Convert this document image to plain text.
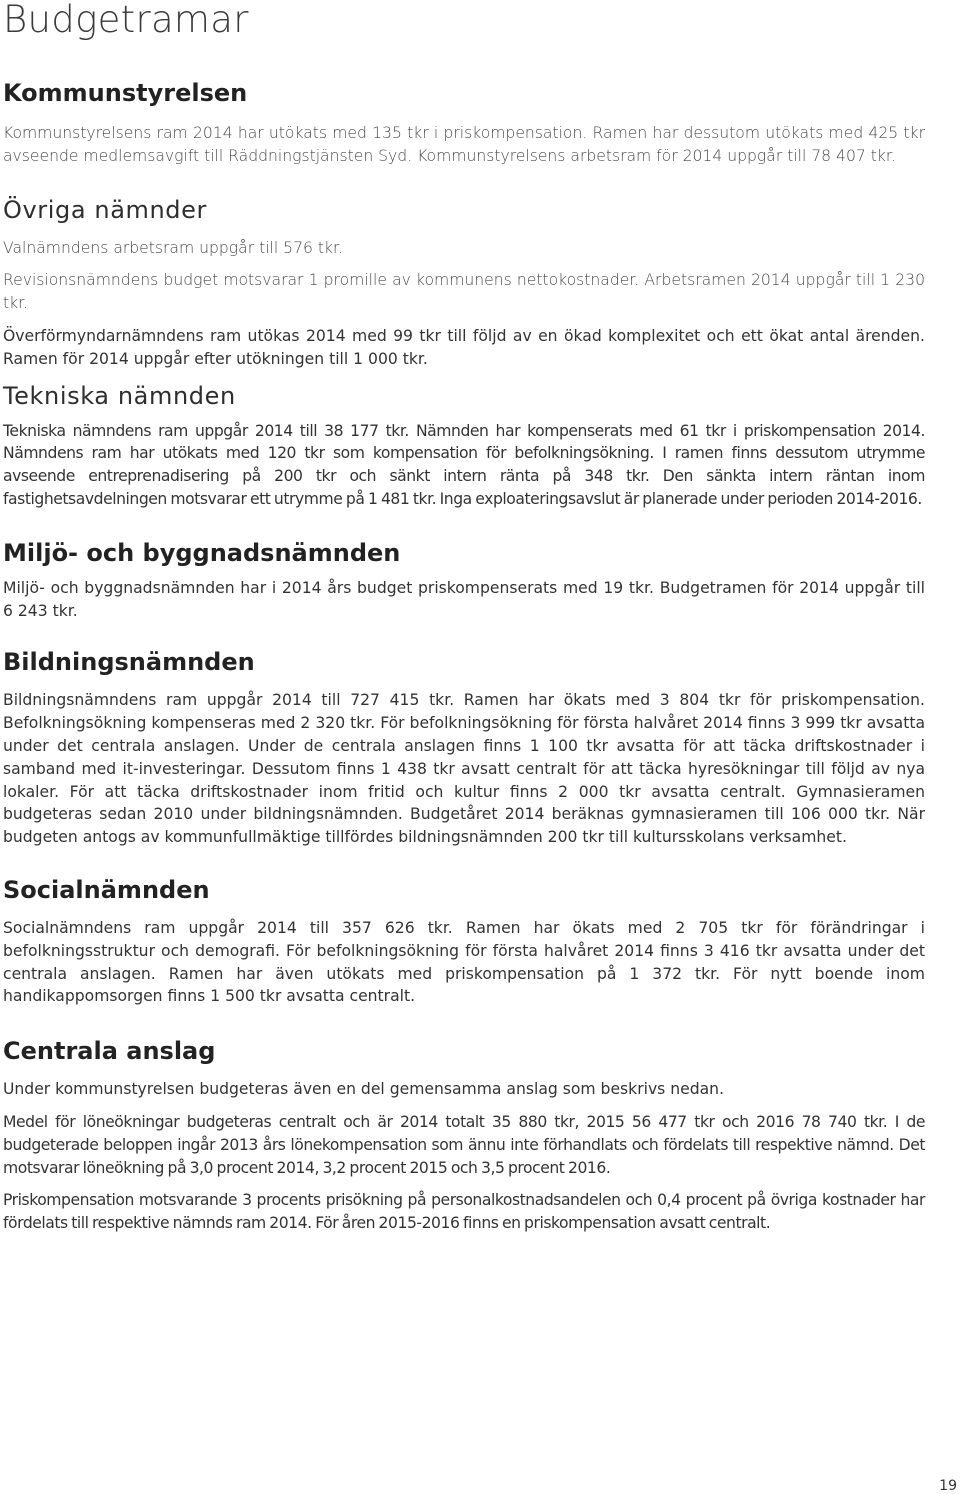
Budgetramar
Kommunstyrelsen

Kommunstyrelsens ram 2014 har utökats med 135 tkr i priskompensation. Ramen har dessutom utökats med 425 tkr avseende medlemsavgift till Räddningstjänsten Syd. Kommunstyrelsens arbetsram för 2014 uppgår till 78 407 tkr.

Övriga nämnder

Valnämndens arbetsram uppgår till 576 tkr.

Revisionsnämndens budget motsvarar 1 promille av kommunens nettokostnader. Arbetsramen 2014 uppgår till 1 230 tkr.

Överförmyndarnämndens ram utökas 2014 med 99 tkr till följd av en ökad komplexitet och ett ökat antal ärenden. Ramen för 2014 uppgår efter utökningen till 1 000 tkr.

Tekniska nämnden

Tekniska nämndens ram uppgår 2014 till 38 177 tkr. Nämnden har kompenserats med 61 tkr i priskompensation 2014. Nämndens ram har utökats med 120 tkr som kompensation för befolkningsökning. I ramen finns dessutom utrymme avseende entreprenadisering på 200 tkr och sänkt intern ränta på 348 tkr. Den sänkta intern räntan inom fastighetsavdelningen motsvarar ett utrymme på 1 481 tkr. Inga exploateringsavslut är planerade under perioden 2014-2016.

Miljö- och byggnadsnämnden

Miljö- och byggnadsnämnden har i 2014 års budget priskompenserats med 19 tkr. Budgetramen för 2014 uppgår till 6 243 tkr.

Bildningsnämnden

Bildningsnämndens ram uppgår 2014 till 727 415 tkr. Ramen har ökats med 3 804 tkr för priskompensation. Befolkningsökning kompenseras med 2 320 tkr. För befolkningsökning för första halvåret 2014 finns 3 999 tkr avsatta under det centrala anslagen. Under de centrala anslagen finns 1 100 tkr avsatta för att täcka driftskostnader i samband med it-investeringar. Dessutom finns 1 438 tkr avsatt centralt för att täcka hyresökningar till följd av nya lokaler. För att täcka driftskostnader inom fritid och kultur finns 2 000 tkr avsatta centralt. Gymnasieramen budgeteras sedan 2010 under bildningsnämnden. Budgetåret 2014 beräknas gymnasieramen till 106 000 tkr. När budgeten antogs av kommunfullmäktige tillfördes bildningsnämnden 200 tkr till kultursskolans verksamhet.

Socialnämnden

Socialnämndens ram uppgår 2014 till 357 626 tkr. Ramen har ökats med 2 705 tkr för förändringar i befolkningsstruktur och demografi. För befolkningsökning för första halvåret 2014 finns 3 416 tkr avsatta under det centrala anslagen. Ramen har även utökats med priskompensation på 1 372 tkr. För nytt boende inom handikappomsorgen finns 1 500 tkr avsatta centralt.

Centrala anslag

Under kommunstyrelsen budgeteras även en del gemensamma anslag som beskrivs nedan.

Medel för löneökningar budgeteras centralt och är 2014 totalt 35 880 tkr, 2015 56 477 tkr och 2016 78 740 tkr. I de budgeterade beloppen ingår 2013 års lönekompensation som ännu inte förhandlats och fördelats till respektive nämnd. Det motsvarar löneökning på 3,0 procent 2014, 3,2 procent 2015 och 3,5 procent 2016.

Priskompensation motsvarande 3 procents prisökning på personalkostnadsandelen och 0,4 procent på övriga kostnader har fördelats till respektive nämnds ram 2014. För åren 2015-2016 finns en priskompensation avsatt centralt.

19
